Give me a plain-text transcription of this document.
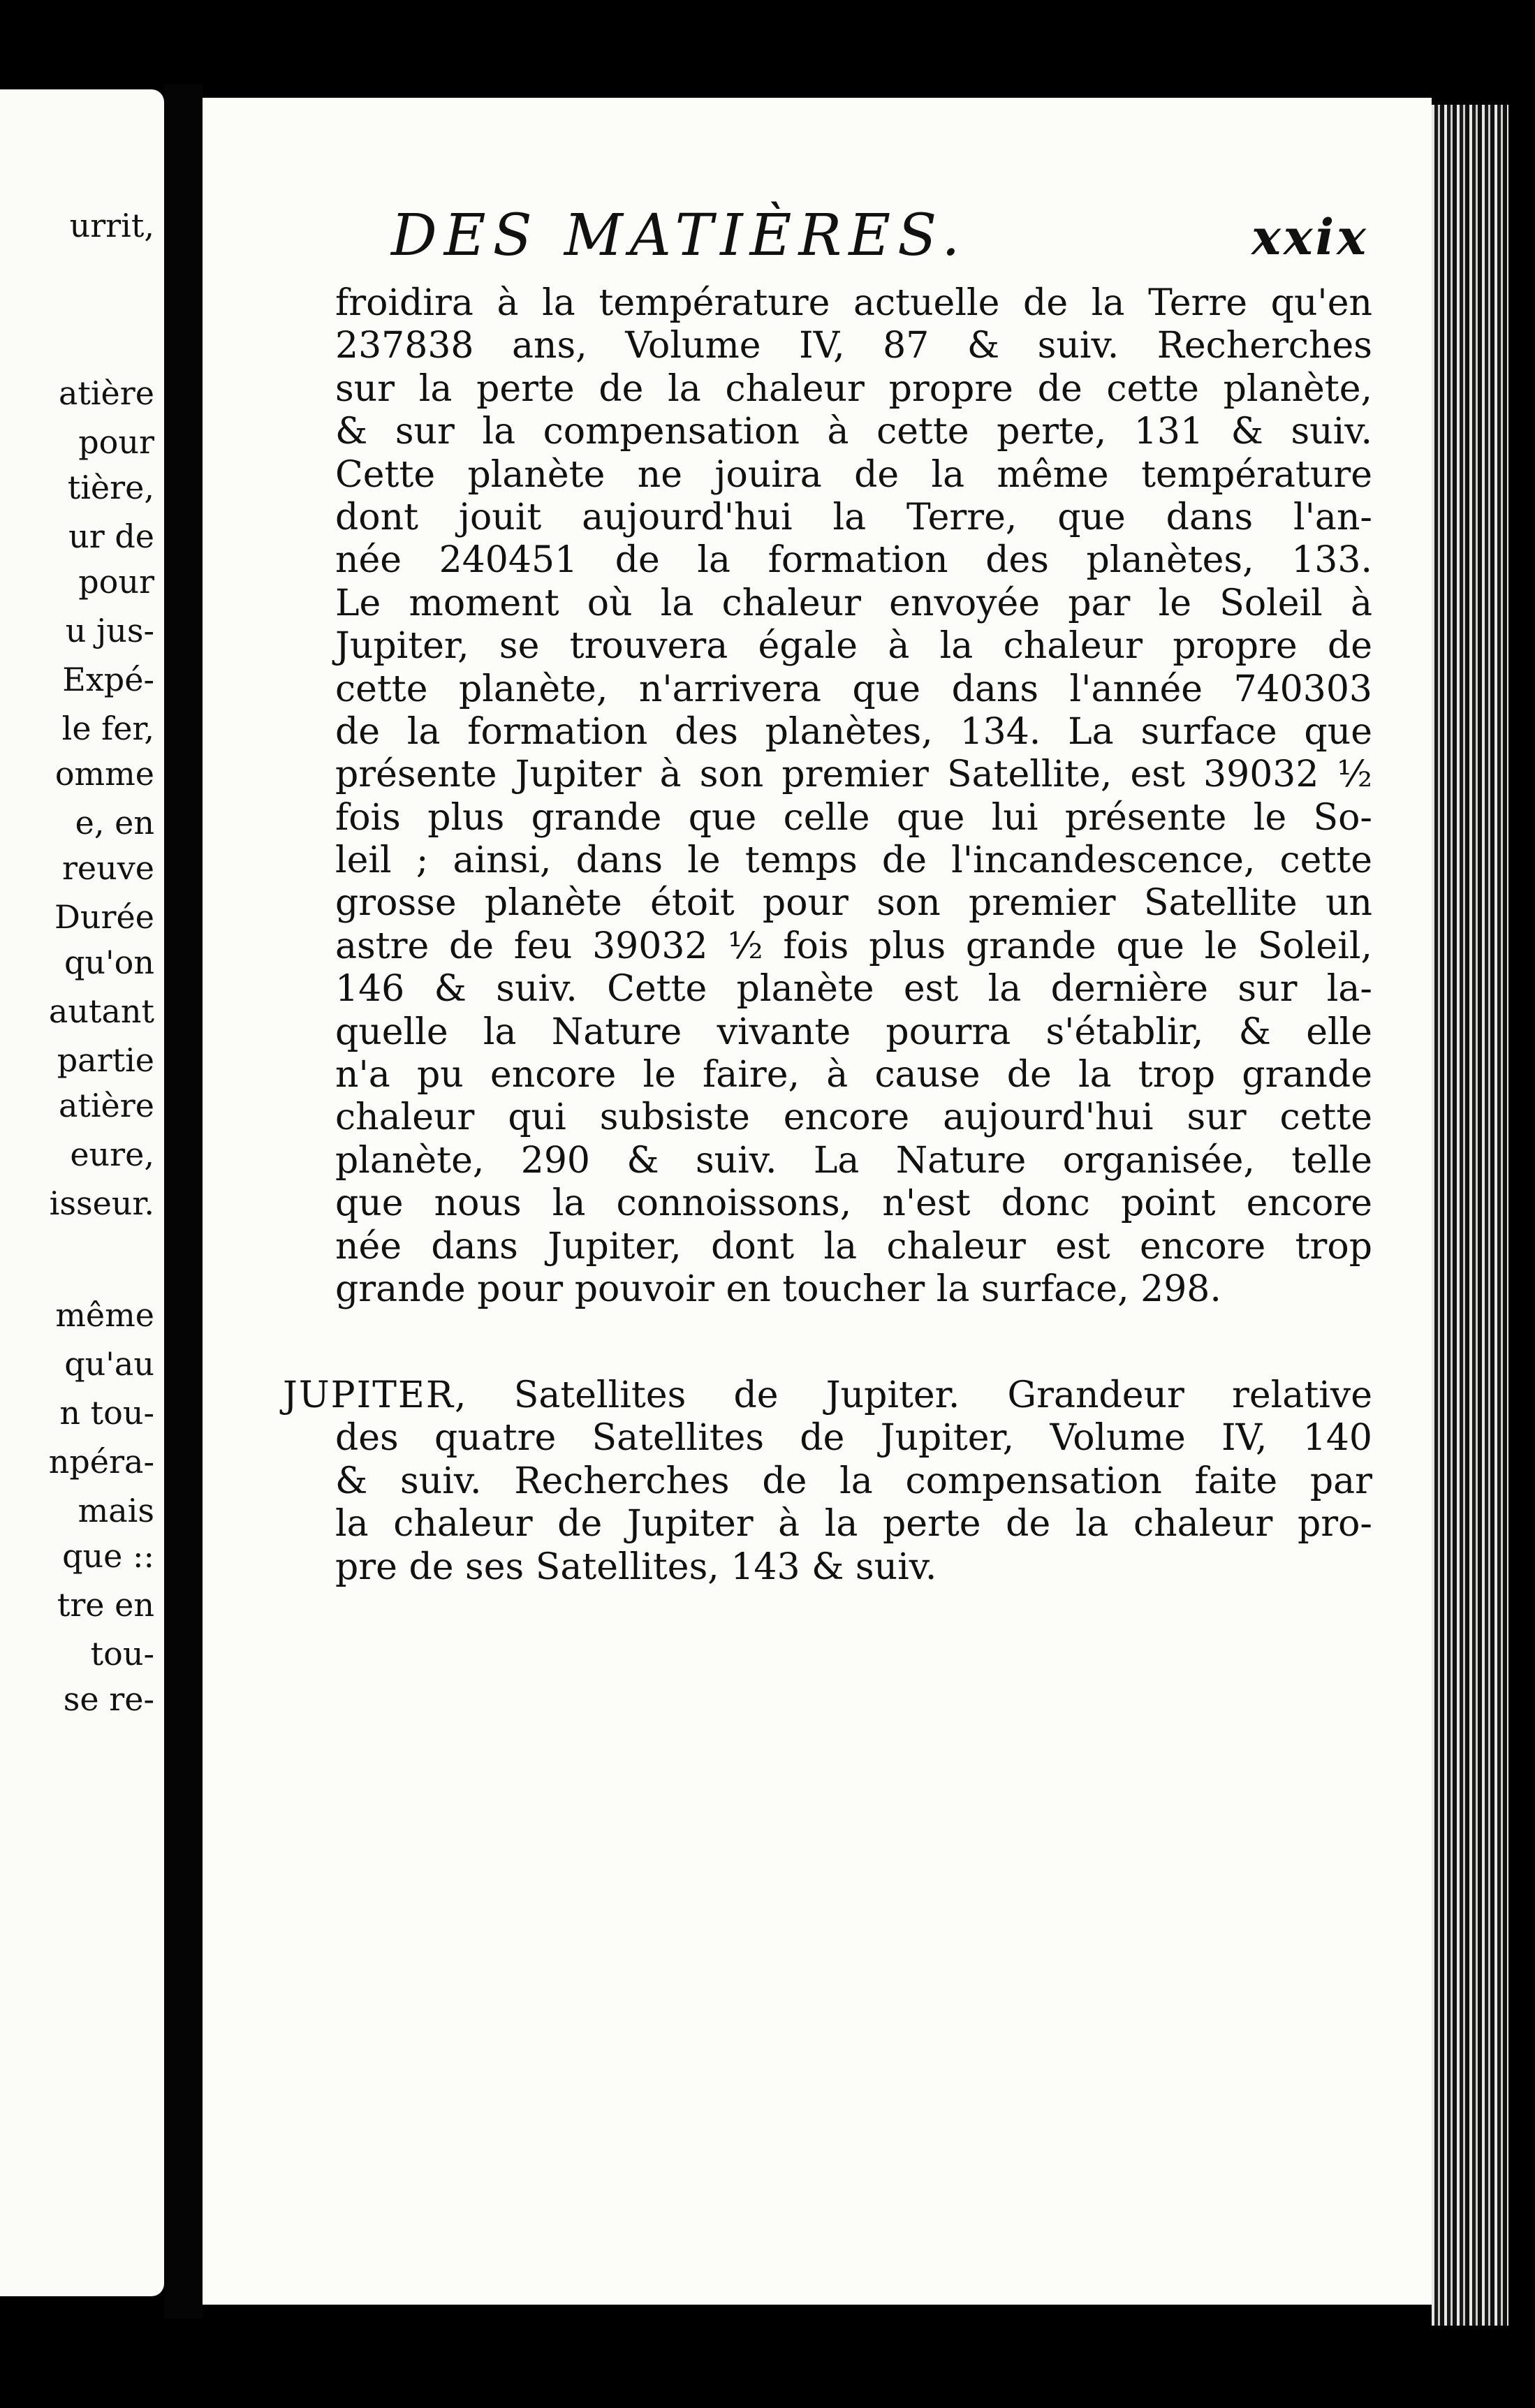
urrit,
atière
pour
tière,
ur de
pour
u jus-
Expé-
le fer,
omme
e, en
reuve
Durée
qu'on
autant
partie
atière
eure,
isseur.
même
qu'au
n tou-
npéra-
mais
que ::
tre en
tou-
se re-
DES MATIÈRES.	xxix
froidira à la température actuelle de la Terre qu'en
237838 ans, Volume IV, 87 & suiv. Recherches
sur la perte de la chaleur propre de cette planète,
& sur la compensation à cette perte, 131 & suiv.
Cette planète ne jouira de la même température
dont jouit aujourd'hui la Terre, que dans l'an-
née 240451 de la formation des planètes, 133.
Le moment où la chaleur envoyée par le Soleil à
Jupiter, se trouvera égale à la chaleur propre de
cette planète, n'arrivera que dans l'année 740303
de la formation des planètes, 134. La surface que
présente Jupiter à son premier Satellite, est 39032 ½
fois plus grande que celle que lui présente le So-
leil ; ainsi, dans le temps de l'incandescence, cette
grosse planète étoit pour son premier Satellite un
astre de feu 39032 ½ fois plus grande que le Soleil,
146 & suiv. Cette planète est la dernière sur la-
quelle la Nature vivante pourra s'établir, & elle
n'a pu encore le faire, à cause de la trop grande
chaleur qui subsiste encore aujourd'hui sur cette
planète, 290 & suiv. La Nature organisée, telle
que nous la connoissons, n'est donc point encore
née dans Jupiter, dont la chaleur est encore trop
grande pour pouvoir en toucher la surface, 298.
JUPITER, Satellites de Jupiter. Grandeur relative
des quatre Satellites de Jupiter, Volume IV, 140
& suiv. Recherches de la compensation faite par
la chaleur de Jupiter à la perte de la chaleur pro-
pre de ses Satellites, 143 & suiv.
